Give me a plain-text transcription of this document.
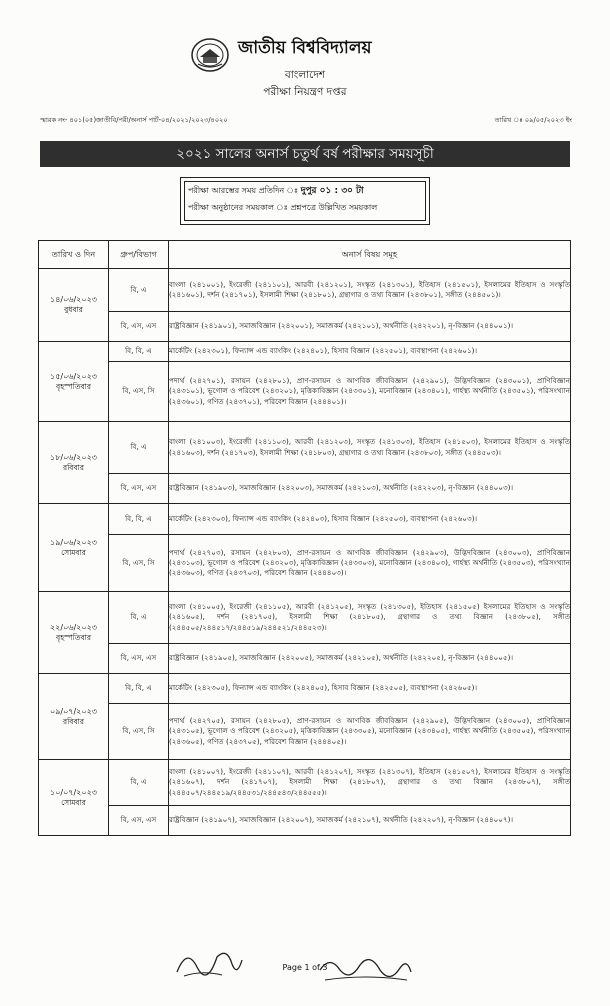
জাতীয় বিশ্ববিদ্যালয়
বাংলাদেশ
পরীক্ষা নিয়ন্ত্রণ দপ্তর
স্মারক নং- ৪০১(০৫)জাতীবি/পরী/অনার্স পার্ট-০৪/২০২১/২০২৩/৪০২০	তারিখ ঃ ০৯/০৫/২০২৩ ইং
২০২১ সালের অনার্স চতুর্থ বর্ষ পরীক্ষার সময়সূচী
পরীক্ষা আরম্ভের সময় প্রতিদিন ঃ দুপুর ০১ : ৩০ টা
পরীক্ষা অনুষ্ঠানের সময়কাল ঃ প্রশ্নপত্রে উল্লিখিত সময়কাল
তারিখ ও দিন	গ্রুপ/বিভাগ	অনার্স বিষয় সমূহ

১৪/০৬/২০২৩
বুধবার	বি, এ	বাংলা (২৪১০০১), ইংরেজী (২৪১১০১), আরবী (২৪১২০১), সংস্কৃত (২৪১৩০১), ইতিহাস (২৪১৫০১), ইসলামের ইতিহাস ও সংস্কৃতি (২৪১৬০১), দর্শন (২৪১৭০১), ইসলামী শিক্ষা (২৪১৮০১), গ্রন্থাগার ও তথ্য বিজ্ঞান (২৪৩৮০১), সঙ্গীত (২৪৪৫০১)।
	বি, এস, এস	রাষ্ট্রবিজ্ঞান (২৪১৯০১), সমাজবিজ্ঞান (২৪২০০১), সমাজকর্ম (২৪২১০১), অর্থনীতি (২৪২২০১), নৃ-বিজ্ঞান (২৪৪০০১)।

১৫/০৬/২০২৩
বৃহস্পতিবার	বি, বি, এ	মার্কেটিং (২৪২৩০১), ফিন্যান্স এন্ড ব্যাংকিং (২৪২৪০১), হিসাব বিজ্ঞান (২৪২৫০১), ব্যবস্থাপনা (২৪২৬০১)।
	বি, এস, সি	পদার্থ (২৪২৭০১), রসায়ন (২৪২৮০১), প্রাণ-রসায়ন ও আণবিক জীববিজ্ঞান (২৪২৯০১), উদ্ভিদবিজ্ঞান (২৪৩০০১), প্রাণিবিজ্ঞান (২৪৩১০১), ভূগোল ও পরিবেশ (২৪৩২০১), মৃত্তিকাবিজ্ঞান (২৪৩৩০১), মনোবিজ্ঞান (২৪৩৪০১), গার্হস্থ্য অর্থনীতি (২৪৩৫০১), পরিসংখ্যান (২৪৩৬০১), গণিত (২৪৩৭০১), পরিবেশ বিজ্ঞান (২৪৪৪০১)।

১৮/০৬/২০২৩
রবিবার	বি, এ	বাংলা (২৪১০০৩), ইংরেজী (২৪১১০৩), আরবী (২৪১২০৩), সংস্কৃত (২৪১৩০৩), ইতিহাস (২৪১৫০৩), ইসলামের ইতিহাস ও সংস্কৃতি (২৪১৬০৩), দর্শন (২৪১৭০৩), ইসলামী শিক্ষা (২৪১৮০৩), গ্রন্থাগার ও তথ্য বিজ্ঞান (২৪৩৮০৩), সঙ্গীত (২৪৪৫০৩)।
	বি, এস, এস	রাষ্ট্রবিজ্ঞান (২৪১৯০৩), সমাজবিজ্ঞান (২৪২০০৩), সমাজকর্ম (২৪২১০৩), অর্থনীতি (২৪২২০৩), নৃ-বিজ্ঞান (২৪৪০০৩)।

১৯/০৬/২০২৩
সোমবার	বি, বি, এ	মার্কেটিং (২৪২৩০৩), ফিন্যান্স এন্ড ব্যাংকিং (২৪২৪০৩), হিসাব বিজ্ঞান (২৪২৫০৩), ব্যবস্থাপনা (২৪২৬০৩)।
	বি, এস, সি	পদার্থ (২৪২৭০৩), রসায়ন (২৪২৮০৩), প্রাণ-রসায়ন ও আণবিক জীববিজ্ঞান (২৪২৯০৩), উদ্ভিদবিজ্ঞান (২৪৩০০৩), প্রাণিবিজ্ঞান (২৪৩১০৩), ভূগোল ও পরিবেশ (২৪৩২০৩), মৃত্তিকাবিজ্ঞান (২৪৩৩০৩), মনোবিজ্ঞান (২৪৩৪০৩), গার্হস্থ্য অর্থনীতি (২৪৩৫০৩), পরিসংখ্যান (২৪৩৬০৩), গণিত (২৪৩৭০৩), পরিবেশ বিজ্ঞান (২৪৪৪০৩)।

২২/০৬/২০২৩
বৃহস্পতিবার	বি, এ	বাংলা (২৪১০০৫), ইংরেজী (২৪১১০৫), আরবী (২৪১২০৫), সংস্কৃত (২৪১৩০৫), ইতিহাস (২৪১৫০৫) ইসলামের ইতিহাস ও সংস্কৃতি (২৪১৬০৫), দর্শন (২৪১৭০৫), ইসলামী শিক্ষা (২৪১৮০৫), গ্রন্থাগার ও তথ্য বিজ্ঞান (২৪৩৮০৫), সঙ্গীত (২৪৪৫০৫/২৪৪৫১৭/২৪৪৫১৯/২৪৪৫২১/২৪৪৫২৩)।
	বি, এস, এস	রাষ্ট্রবিজ্ঞান (২৪১৯০৫), সমাজবিজ্ঞান (২৪২০০৫), সমাজকর্ম (২৪২১০৫), অর্থনীতি (২৪২২০৫), নৃ-বিজ্ঞান (২৪৪০০৫)।

০৯/০৭/২০২৩
রবিবার	বি, বি, এ	মার্কেটিং (২৪২৩০৫), ফিন্যান্স এন্ড ব্যাংকিং (২৪২৪০৫), হিসাব বিজ্ঞান (২৪২৫০৫), ব্যবস্থাপনা (২৪২৬০৫)।
	বি, এস, সি	পদার্থ (২৪২৭০৫), রসায়ন (২৪২৮০৫), প্রাণ-রসায়ন ও আণবিক জীববিজ্ঞান (২৪২৯০৫), উদ্ভিদবিজ্ঞান (২৪৩০০৫), প্রাণিবিজ্ঞান (২৪৩১০৫), ভূগোল ও পরিবেশ (২৪৩২০৫), মৃত্তিকাবিজ্ঞান (২৪৩৩০৫), মনোবিজ্ঞান (২৪৩৪০৫), গার্হস্থ্য অর্থনীতি (২৪৩৫০৫), পরিসংখ্যান (২৪৩৬০৫), গণিত (২৪৩৭০৫), পরিবেশ বিজ্ঞান (২৪৪৪০৫)।

১০/০৭/২০২৩
সোমবার	বি, এ	বাংলা (২৪১০০৭), ইংরেজী (২৪১১০৭), আরবী (২৪১২০৭), সংস্কৃত (২৪১৩০৭), ইতিহাস (২৪১৫০৭), ইসলামের ইতিহাস ও সংস্কৃতি (২৪১৬০৭), দর্শন (২৪১৭০৭), ইসলামী শিক্ষা (২৪১৮০৭), গ্রন্থাগার ও তথ্য বিজ্ঞান (২৪৩৮০৭), সঙ্গীত (২৪৪৫০৭/২৪৪৫১৯/২৪৪৫৩১/২৪৪৫৪৩/২৪৪৫৫৫)।
	বি, এস, এস	রাষ্ট্রবিজ্ঞান (২৪১৯০৭), সমাজবিজ্ঞান (২৪২০০৭), সমাজকর্ম (২৪২১০৭), অর্থনীতি (২৪২২০৭), নৃ-বিজ্ঞান (২৪৪০০৭)।
Page 1 of 3
